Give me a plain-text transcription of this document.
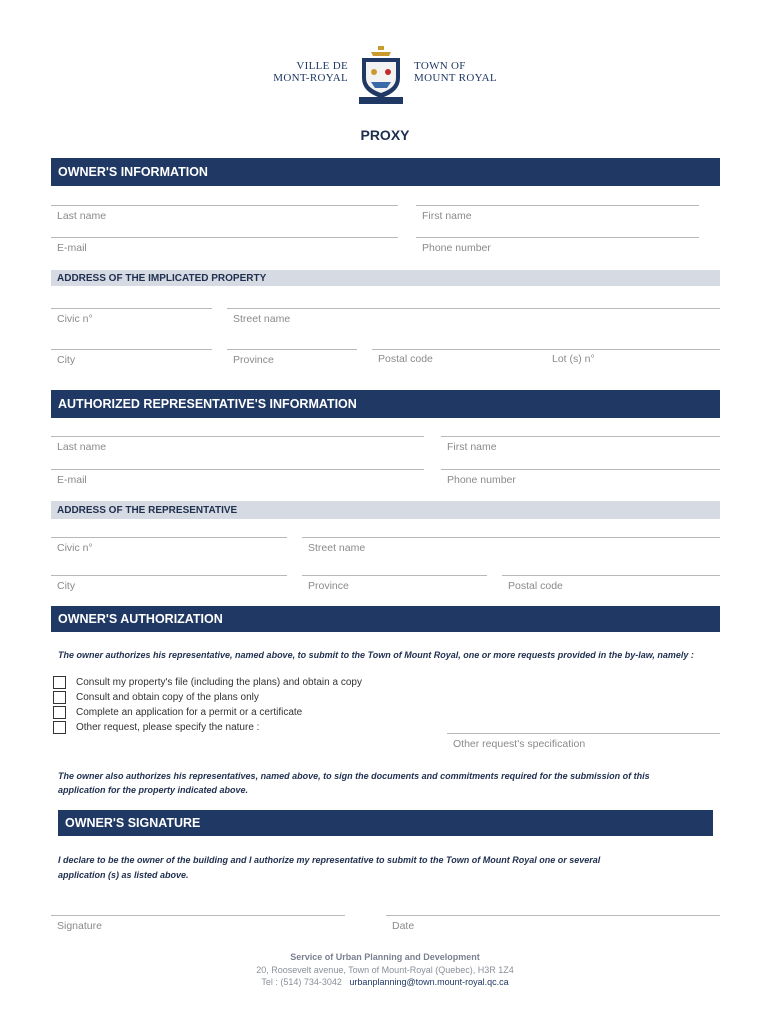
VILLE DE
MONT-ROYAL
TOWN OF
MOUNT ROYAL
PROXY
OWNER'S INFORMATION
Last name	First name
E-mail	Phone number
ADDRESS OF THE IMPLICATED PROPERTY
Civic n°	Street name
City	Province	Postal code	Lot (s) n°
AUTHORIZED REPRESENTATIVE'S INFORMATION
Last name	First name
E-mail	Phone number
ADDRESS OF THE REPRESENTATIVE
Civic n°	Street name
City	Province	Postal code
OWNER'S AUTHORIZATION
The owner authorizes his representative, named above, to submit to the Town of Mount Royal, one or more requests provided in the by-law, namely :
Consult my property's file (including the plans) and obtain a copy
Consult and obtain copy of the plans only
Complete an application for a permit or a certificate
Other request, please specify the nature :
Other request's specification
The owner also authorizes his representatives, named above, to sign the documents and commitments required for the submission of this
application for the property indicated above.
OWNER'S SIGNATURE
I declare to be the owner of the building and I authorize my representative to submit to the Town of Mount Royal one or several
application (s) as listed above.
Signature	Date
Service of Urban Planning and Development
20, Roosevelt avenue, Town of Mount-Royal (Quebec), H3R 1Z4
Tel : (514) 734-3042 urbanplanning@town.mount-royal.qc.ca
